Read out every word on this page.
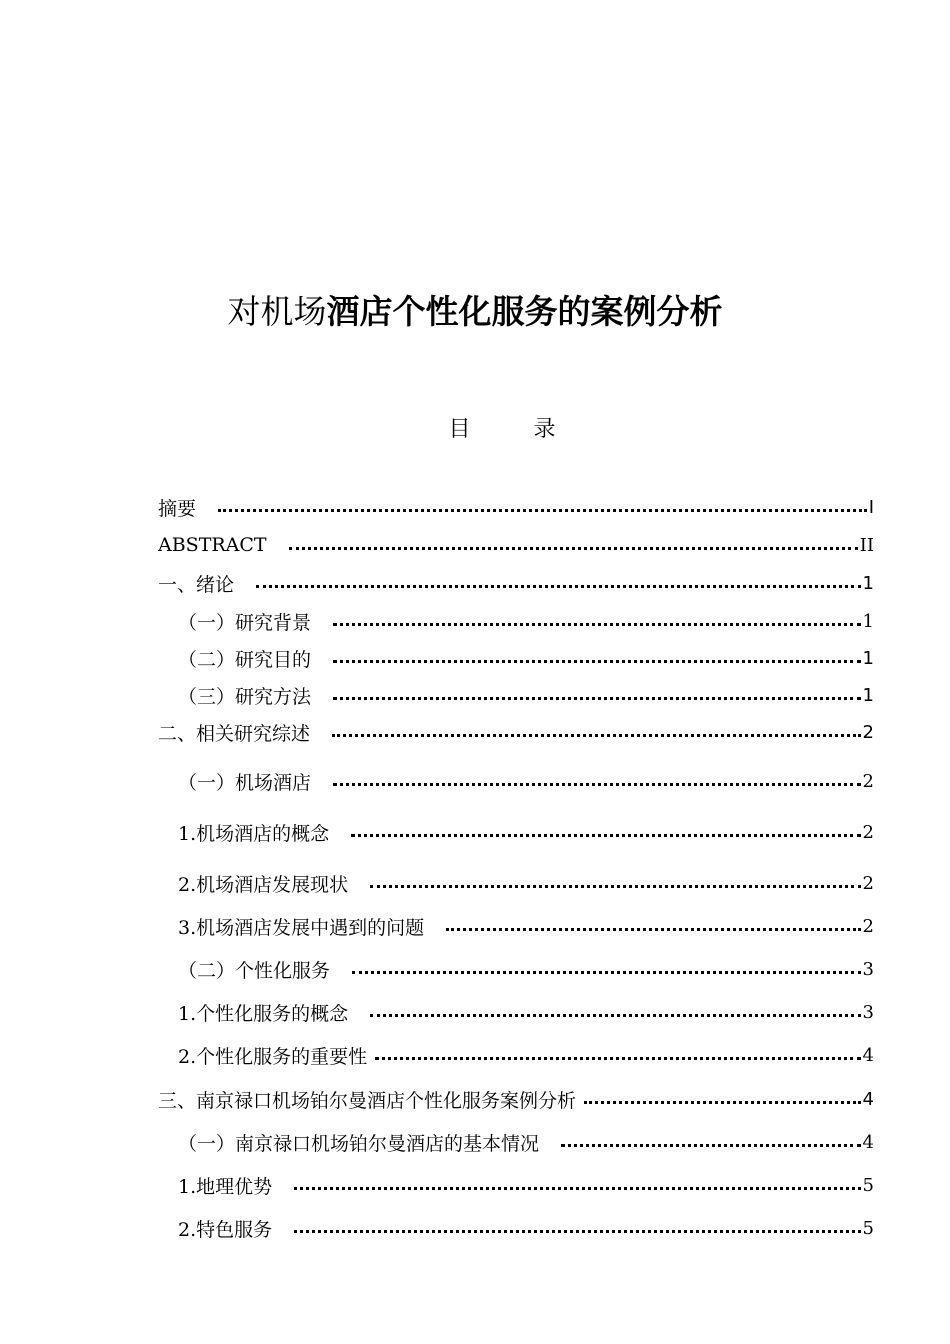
对机场酒店个性化服务的案例分析
目 录
摘要	I
ABSTRACT	II
一、绪论	1
（一）研究背景	1
（二）研究目的	1
（三）研究方法	1
二、相关研究综述	2
（一）机场酒店	2
1.机场酒店的概念	2
2.机场酒店发展现状	2
3.机场酒店发展中遇到的问题	2
（二）个性化服务	3
1.个性化服务的概念	3
2.个性化服务的重要性	4
三、南京禄口机场铂尔曼酒店个性化服务案例分析	4
（一）南京禄口机场铂尔曼酒店的基本情况	4
1.地理优势	5
2.特色服务	5
